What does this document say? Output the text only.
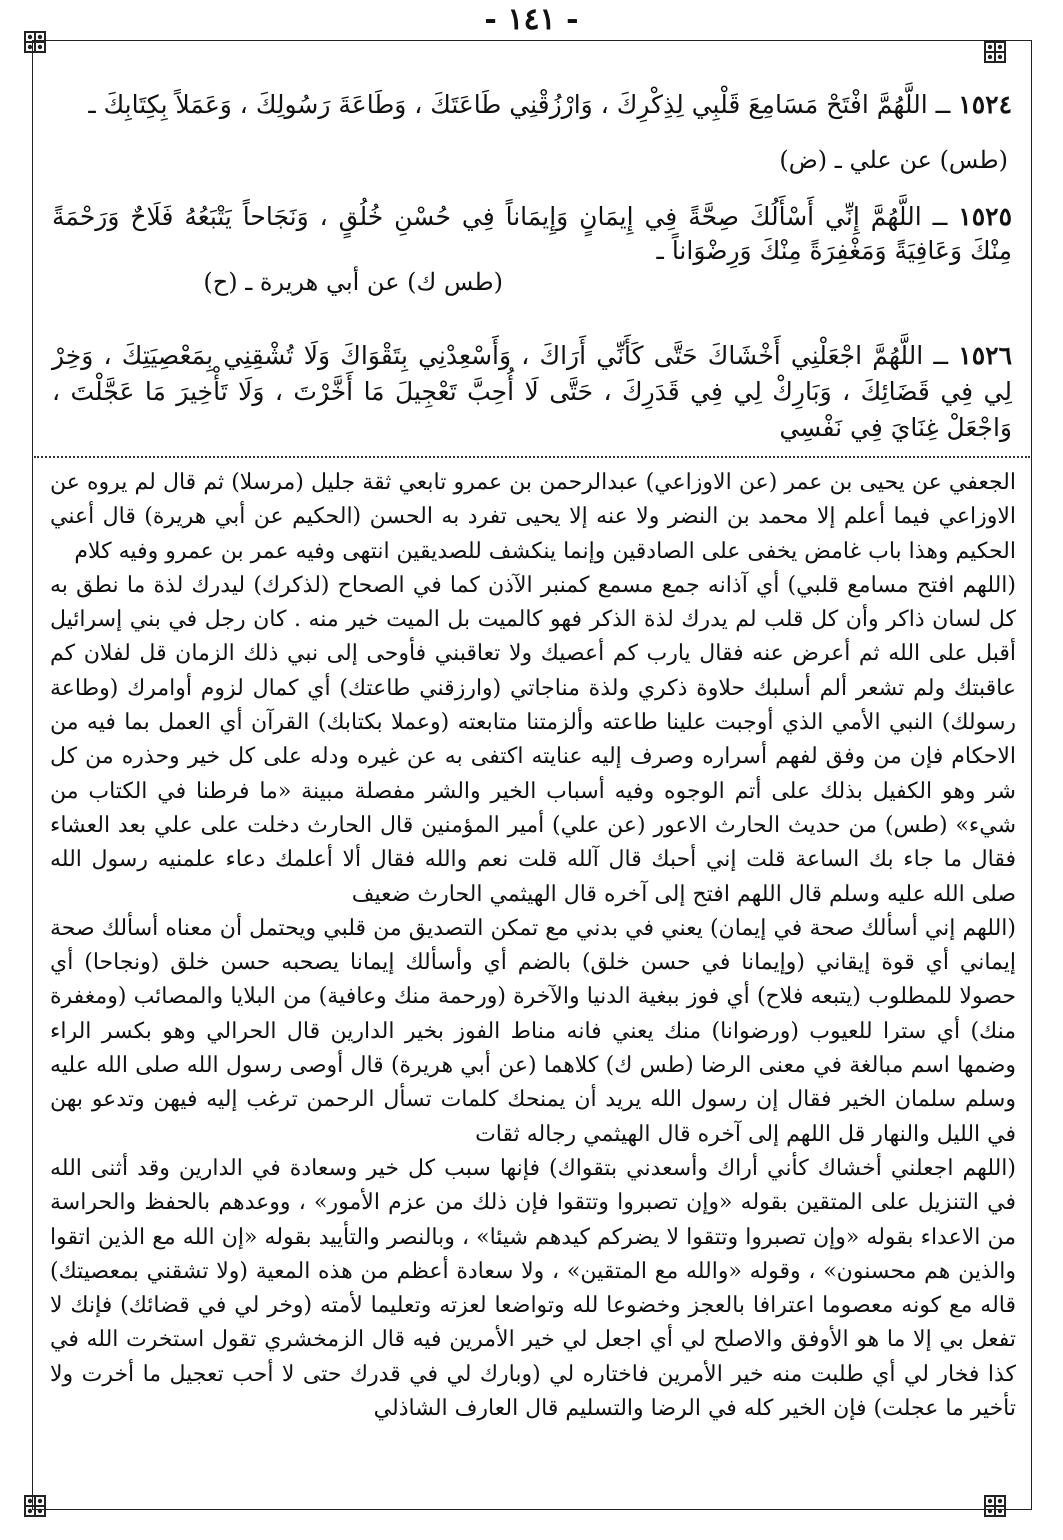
- ١٤١ -
١٥٢٤ ــ اللَّهُمَّ افْتَحْ مَسَامِعَ قَلْبِي لِذِكْرِكَ ، وَارْزُقْنِي طَاعَتَكَ ، وَطَاعَةَ رَسُولِكَ ، وَعَمَلاً بِكِتَابِكَ ـ
(طس) عن علي ـ (ض)
١٥٢٥ ــ اللَّهُمَّ إِنِّي أَسْأَلُكَ صِحَّةً فِي إِيمَانٍ وَإِيمَاناً فِي حُسْنِ خُلُقٍ ، وَنَجَاحاً يَتْبَعُهُ فَلَاحٌ وَرَحْمَةً مِنْكَ وَعَافِيَةً وَمَغْفِرَةً مِنْكَ وَرِضْوَاناً ـ
(طس ك) عن أبي هريرة ـ (ح)
١٥٢٦ ــ اللَّهُمَّ اجْعَلْنِي أَخْشَاكَ حَتَّى كَأَنِّي أَرَاكَ ، وَأَسْعِدْنِي بِتَقْوَاكَ وَلَا تُشْقِنِي بِمَعْصِيَتِكَ ، وَخِرْ لِي فِي قَضَائِكَ ، وَبَارِكْ لِي فِي قَدَرِكَ ، حَتَّى لَا أُحِبَّ تَعْجِيلَ مَا أَخَّرْتَ ، وَلَا تَأْخِيرَ مَا عَجَّلْتَ ، وَاجْعَلْ غِنَايَ فِي نَفْسِي

الجعفي عن يحيى بن عمر (عن الاوزاعي) عبدالرحمن بن عمرو تابعي ثقة جليل (مرسلا) ثم قال لم يروه عن الاوزاعي فيما أعلم إلا محمد بن النضر ولا عنه إلا يحيى تفرد به الحسن (الحكيم عن أبي هريرة) قال أعني الحكيم وهذا باب غامض يخفى على الصادقين وإنما ينكشف للصديقين انتهى وفيه عمر بن عمرو وفيه كلام

(اللهم افتح مسامع قلبي) أي آذانه جمع مسمع كمنبر الآذن كما في الصحاح (لذكرك) ليدرك لذة ما نطق به كل لسان ذاكر وأن كل قلب لم يدرك لذة الذكر فهو كالميت بل الميت خير منه . كان رجل في بني إسرائيل أقبل على الله ثم أعرض عنه فقال يارب كم أعصيك ولا تعاقبني فأوحى إلى نبي ذلك الزمان قل لفلان كم عاقبتك ولم تشعر ألم أسلبك حلاوة ذكري ولذة مناجاتي (وارزقني طاعتك) أي كمال لزوم أوامرك (وطاعة رسولك) النبي الأمي الذي أوجبت علينا طاعته وألزمتنا متابعته (وعملا بكتابك) القرآن أي العمل بما فيه من الاحكام فإن من وفق لفهم أسراره وصرف إليه عنايته اكتفى به عن غيره ودله على كل خير وحذره من كل شر وهو الكفيل بذلك على أتم الوجوه وفيه أسباب الخير والشر مفصلة مبينة «ما فرطنا في الكتاب من شيء» (طس) من حديث الحارث الاعور (عن علي) أمير المؤمنين قال الحارث دخلت على علي بعد العشاء فقال ما جاء بك الساعة قلت إني أحبك قال آلله قلت نعم والله فقال ألا أعلمك دعاء علمنيه رسول الله صلى الله عليه وسلم قال اللهم افتح إلى آخره قال الهيثمي الحارث ضعيف

(اللهم إني أسألك صحة في إيمان) يعني في بدني مع تمكن التصديق من قلبي ويحتمل أن معناه أسألك صحة إيماني أي قوة إيقاني (وإيمانا في حسن خلق) بالضم أي وأسألك إيمانا يصحبه حسن خلق (ونجاحا) أي حصولا للمطلوب (يتبعه فلاح) أي فوز ببغية الدنيا والآخرة (ورحمة منك وعافية) من البلايا والمصائب (ومغفرة منك) أي سترا للعيوب (ورضوانا) منك يعني فانه مناط الفوز بخير الدارين قال الحرالي وهو بكسر الراء وضمها اسم مبالغة في معنى الرضا (طس ك) كلاهما (عن أبي هريرة) قال أوصى رسول الله صلى الله عليه وسلم سلمان الخير فقال إن رسول الله يريد أن يمنحك كلمات تسأل الرحمن ترغب إليه فيهن وتدعو بهن في الليل والنهار قل اللهم إلى آخره قال الهيثمي رجاله ثقات

(اللهم اجعلني أخشاك كأني أراك وأسعدني بتقواك) فإنها سبب كل خير وسعادة في الدارين وقد أثنى الله في التنزيل على المتقين بقوله «وإن تصبروا وتتقوا فإن ذلك من عزم الأمور» ، ووعدهم بالحفظ والحراسة من الاعداء بقوله «وإن تصبروا وتتقوا لا يضركم كيدهم شيئا» ، وبالنصر والتأييد بقوله «إن الله مع الذين اتقوا والذين هم محسنون» ، وقوله «والله مع المتقين» ، ولا سعادة أعظم من هذه المعية (ولا تشقني بمعصيتك) قاله مع كونه معصوما اعترافا بالعجز وخضوعا لله وتواضعا لعزته وتعليما لأمته (وخر لي في قضائك) فإنك لا تفعل بي إلا ما هو الأوفق والاصلح لي أي اجعل لي خير الأمرين فيه قال الزمخشري تقول استخرت الله في كذا فخار لي أي طلبت منه خير الأمرين فاختاره لي (وبارك لي في قدرك حتى لا أحب تعجيل ما أخرت ولا تأخير ما عجلت) فإن الخير كله في الرضا والتسليم قال العارف الشاذلي
